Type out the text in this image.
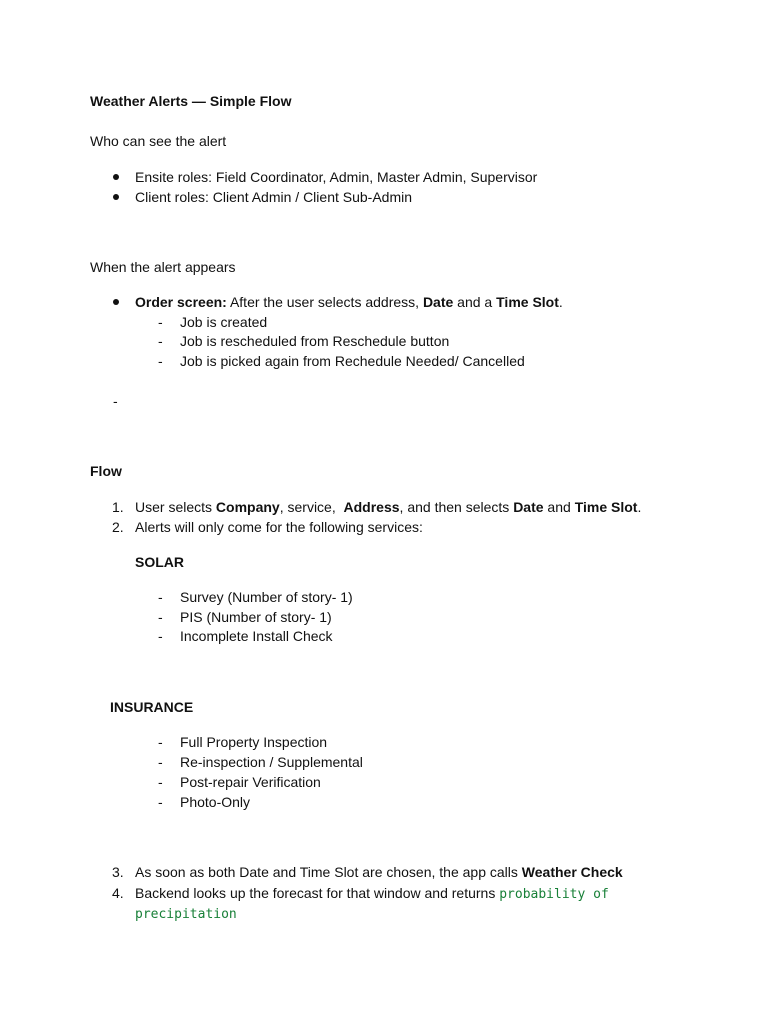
Weather Alerts — Simple Flow
Who can see the alert
Ensite roles: Field Coordinator, Admin, Master Admin, Supervisor
Client roles: Client Admin / Client Sub-Admin
When the alert appears
Order screen: After the user selects address, Date and a Time Slot.
- Job is created
- Job is rescheduled from Reschedule button
- Job is picked again from Rechedule Needed/ Cancelled
-
Flow
1. User selects Company, service,  Address, and then selects Date and Time Slot.
2. Alerts will only come for the following services:
SOLAR
- Survey (Number of story- 1)
- PIS (Number of story- 1)
- Incomplete Install Check
INSURANCE
- Full Property Inspection
- Re-inspection / Supplemental
- Post-repair Verification
- Photo-Only
3. As soon as both Date and Time Slot are chosen, the app calls Weather Check
4. Backend looks up the forecast for that window and returns probability of
precipitation
